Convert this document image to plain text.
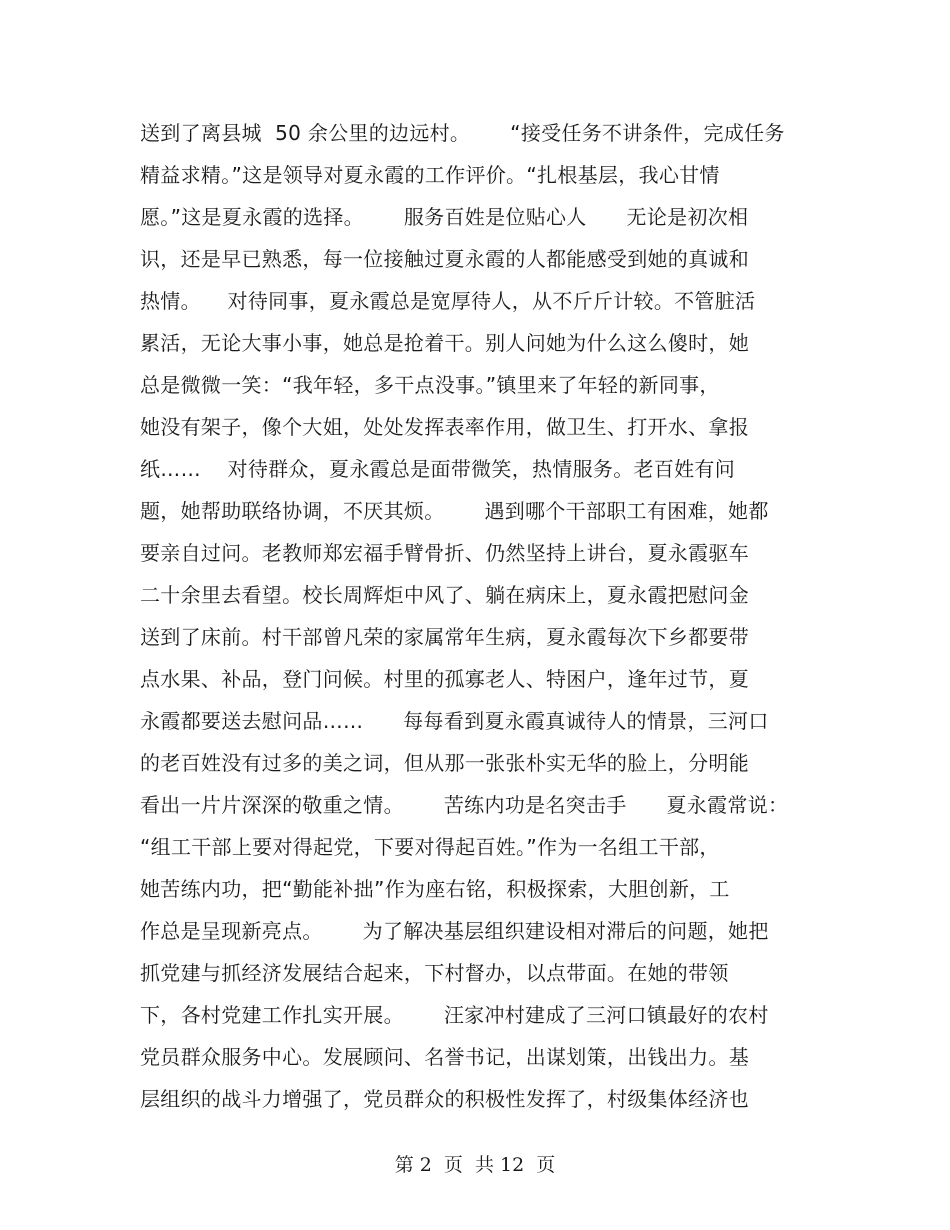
送到了离县城  50 余公里的边远村。      “接受任务不讲条件，完成任务
精益求精。”这是领导对夏永霞的工作评价。“扎根基层，我心甘情
愿。”这是夏永霞的选择。      服务百姓是位贴心人      无论是初次相
识，还是早已熟悉，每一位接触过夏永霞的人都能感受到她的真诚和
热情。    对待同事，夏永霞总是宽厚待人，从不斤斤计较。不管脏活
累活，无论大事小事，她总是抢着干。别人问她为什么这么傻时，她
总是微微一笑：“我年轻，多干点没事。”镇里来了年轻的新同事，
她没有架子，像个大姐，处处发挥表率作用，做卫生、打开水、拿报
纸……    对待群众，夏永霞总是面带微笑，热情服务。老百姓有问
题，她帮助联络协调，不厌其烦。      遇到哪个干部职工有困难，她都
要亲自过问。老教师郑宏福手臂骨折、仍然坚持上讲台，夏永霞驱车
二十余里去看望。校长周辉炬中风了、躺在病床上，夏永霞把慰问金
送到了床前。村干部曾凡荣的家属常年生病，夏永霞每次下乡都要带
点水果、补品，登门问候。村里的孤寡老人、特困户，逢年过节，夏
永霞都要送去慰问品……      每每看到夏永霞真诚待人的情景，三河口
的老百姓没有过多的美之词，但从那一张张朴实无华的脸上，分明能
看出一片片深深的敬重之情。      苦练内功是名突击手      夏永霞常说：
“组工干部上要对得起党，下要对得起百姓。”作为一名组工干部，
她苦练内功，把“勤能补拙”作为座右铭，积极探索，大胆创新，工
作总是呈现新亮点。      为了解决基层组织建设相对滞后的问题，她把
抓党建与抓经济发展结合起来，下村督办，以点带面。在她的带领
下，各村党建工作扎实开展。      汪家冲村建成了三河口镇最好的农村
党员群众服务中心。发展顾问、名誉书记，出谋划策，出钱出力。基
层组织的战斗力增强了，党员群众的积极性发挥了，村级集体经济也
第 2  页  共 12  页
